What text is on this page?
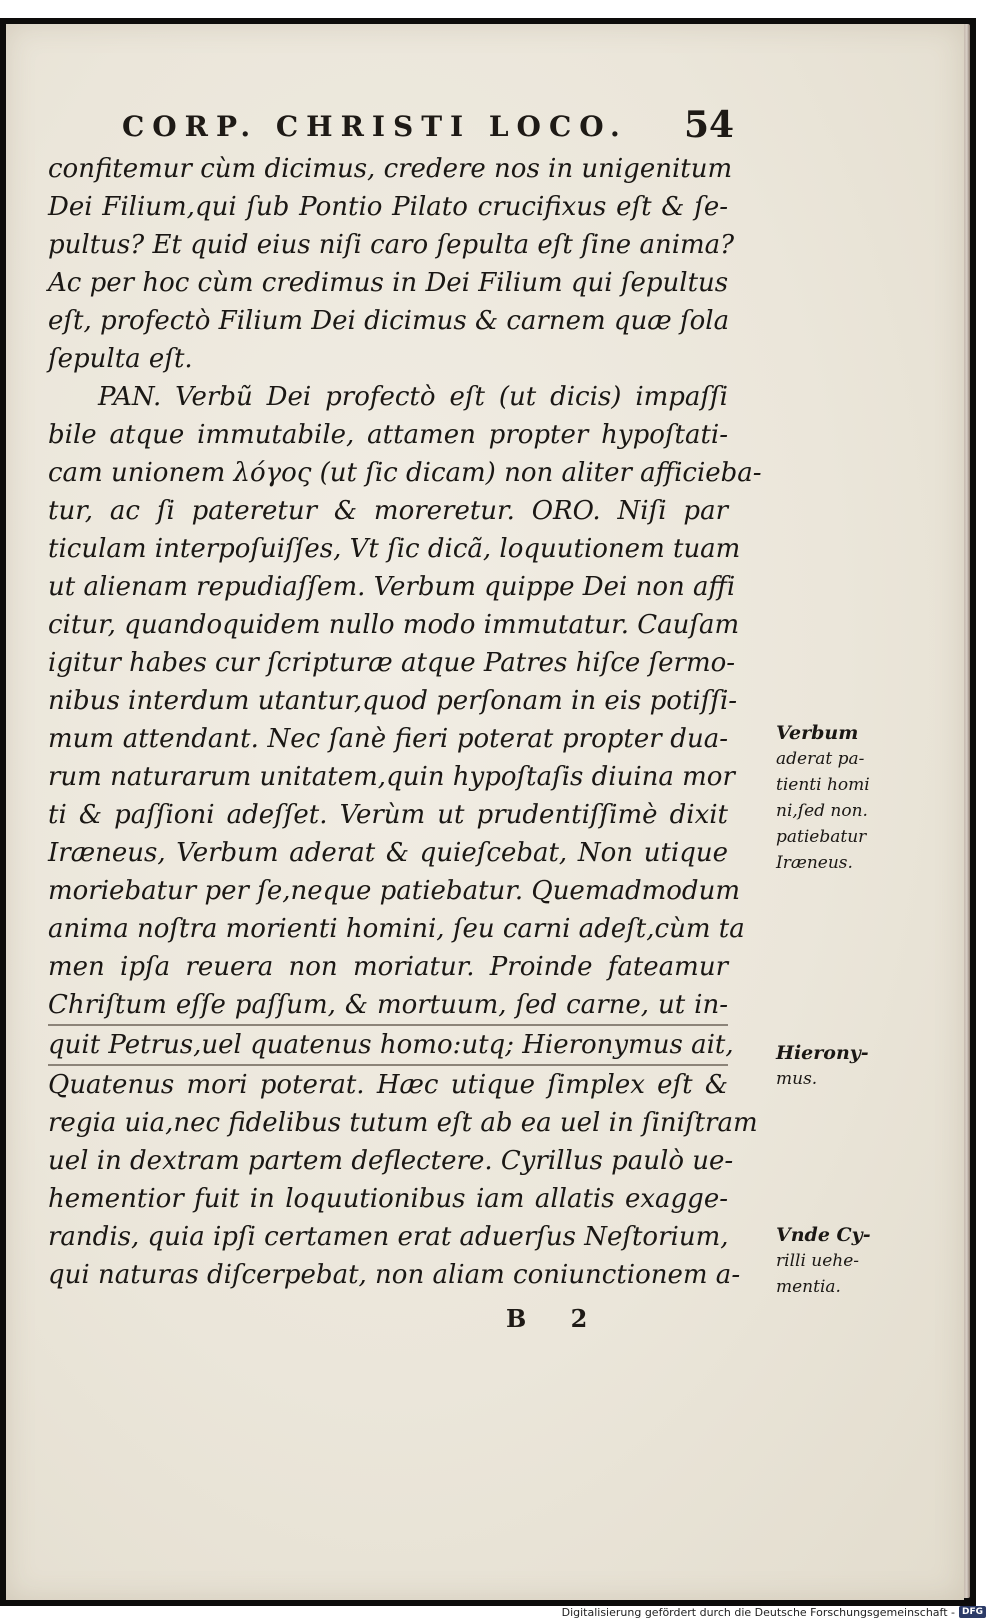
CORP. CHRISTI LOCO. 54
confitemur cùm dicimus, credere nos in unigenitum
Dei Filium,qui ſub Pontio Pilato crucifixus eſt & ſe-
pultus? Et quid eius niſi caro ſepulta eſt ſine anima?
Ac per hoc cùm credimus in Dei Filium qui ſepultus
eſt, profectò Filium Dei dicimus & carnem quæ ſola
ſepulta eſt.
PAN. Verbũ Dei profectò eſt (ut dicis) impaſſi
bile atque immutabile, attamen propter hypoſtati-
cam unionem λόγος (ut ſic dicam) non aliter afficieba-
tur, ac ſi pateretur & moreretur. ORO. Niſi par
ticulam interpoſuiſſes, Vt ſic dicã, loquutionem tuam
ut alienam repudiaſſem. Verbum quippe Dei non affi
citur, quandoquidem nullo modo immutatur. Cauſam
igitur habes cur ſcripturæ atque Patres hiſce ſermo-
nibus interdum utantur,quod perſonam in eis potiſſi-
mum attendant. Nec ſanè fieri poterat propter dua-
rum naturarum unitatem,quin hypoſtaſis diuina mor
ti & paſſioni adeſſet. Verùm ut prudentiſſimè dixit
Iræneus, Verbum aderat & quieſcebat, Non utique
moriebatur per ſe,neque patiebatur. Quemadmodum
anima noſtra morienti homini, ſeu carni adeſt,cùm ta
men ipſa reuera non moriatur. Proinde fateamur
Chriſtum eſſe paſſum, & mortuum, ſed carne, ut in-
quit Petrus,uel quatenus homo:utq; Hieronymus ait,
Quatenus mori poterat. Hæc utique ſimplex eſt &
regia uia,nec fidelibus tutum eſt ab ea uel in ſiniſtram
uel in dextram partem deflectere. Cyrillus paulò ue-
hementior fuit in loquutionibus iam allatis exagge-
randis, quia ipſi certamen erat aduerſus Neſtorium,
qui naturas diſcerpebat, non aliam coniunctionem a-
Verbum
aderat pa-
tienti homi
ni,ſed non.
patiebatur
Iræneus.
Hierony-
mus.
Vnde Cy-
rilli uehe-
mentia.
B 2
Digitalisierung gefördert durch die Deutsche Forschungsgemeinschaft - DFG
